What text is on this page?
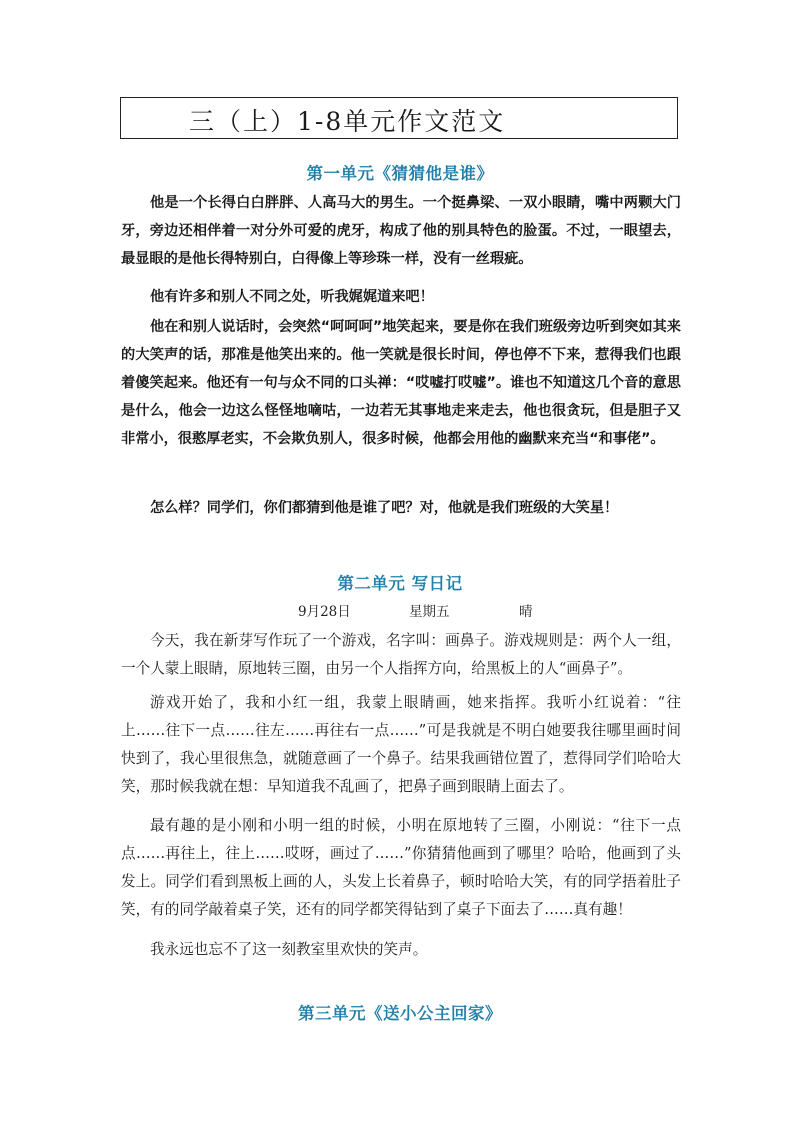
三（上）1-8单元作文范文
第一单元《猜猜他是谁》

他是一个长得白白胖胖、人高马大的男生。一个挺鼻梁、一双小眼睛，嘴中两颗大门牙，旁边还相伴着一对分外可爱的虎牙，构成了他的别具特色的脸蛋。不过，一眼望去，最显眼的是他长得特别白，白得像上等珍珠一样，没有一丝瑕疵。

他有许多和别人不同之处，听我娓娓道来吧！

他在和别人说话时，会突然“呵呵呵”地笑起来，要是你在我们班级旁边听到突如其来的大笑声的话，那准是他笑出来的。他一笑就是很长时间，停也停不下来，惹得我们也跟着傻笑起来。他还有一句与众不同的口头禅：“哎嘘打哎嘘”。谁也不知道这几个音的意思是什么，他会一边这么怪怪地嘀咕，一边若无其事地走来走去，他也很贪玩，但是胆子又非常小，很憨厚老实，不会欺负别人，很多时候，他都会用他的幽默来充当“和事佬”。

怎么样？同学们，你们都猜到他是谁了吧？对，他就是我们班级的大笑星！

第二单元 写日记
9月28日	星期五	晴

今天，我在新芽写作玩了一个游戏，名字叫：画鼻子。游戏规则是：两个人一组，一个人蒙上眼睛，原地转三圈，由另一个人指挥方向，给黑板上的人“画鼻子”。

游戏开始了，我和小红一组，我蒙上眼睛画，她来指挥。我听小红说着：“往上……往下一点……往左……再往右一点……”可是我就是不明白她要我往哪里画时间快到了，我心里很焦急，就随意画了一个鼻子。结果我画错位置了，惹得同学们哈哈大笑，那时候我就在想：早知道我不乱画了，把鼻子画到眼睛上面去了。

最有趣的是小刚和小明一组的时候，小明在原地转了三圈，小刚说：“往下一点点……再往上，往上……哎呀，画过了……”你猜猜他画到了哪里？哈哈，他画到了头发上。同学们看到黑板上画的人，头发上长着鼻子，顿时哈哈大笑，有的同学捂着肚子笑，有的同学敲着桌子笑，还有的同学都笑得钻到了桌子下面去了……真有趣！

我永远也忘不了这一刻教室里欢快的笑声。

第三单元《送小公主回家》
